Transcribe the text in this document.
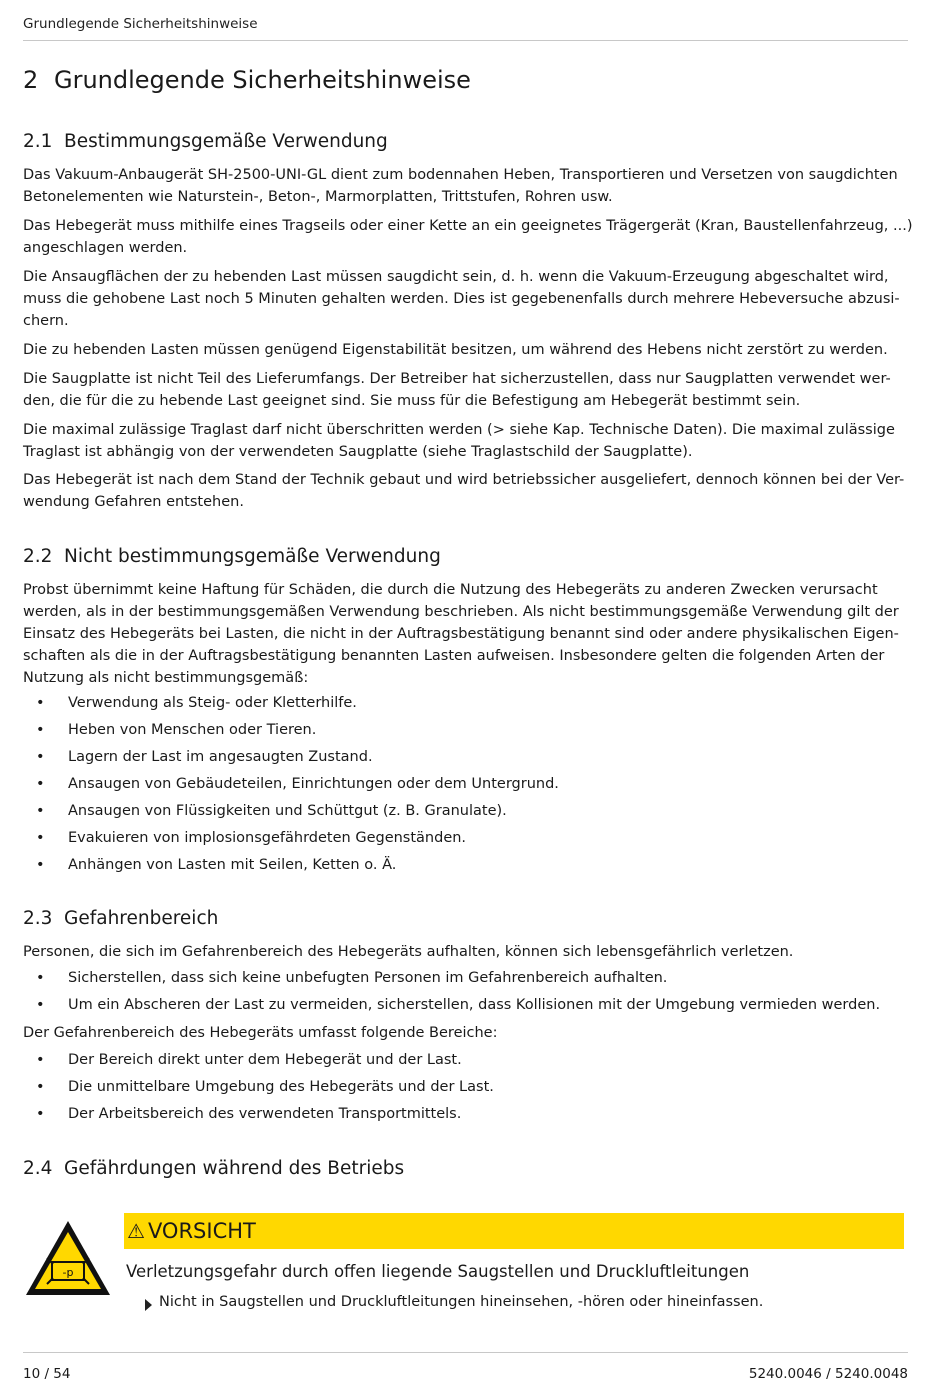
Grundlegende Sicherheitshinweise
2 Grundlegende Sicherheitshinweise
2.1 Bestimmungsgemäße Verwendung
Das Vakuum-Anbaugerät SH-2500-UNI-GL dient zum bodennahen Heben, Transportieren und Versetzen von saugdichten
Betonelementen wie Naturstein-, Beton-, Marmorplatten, Trittstufen, Rohren usw.
Das Hebegerät muss mithilfe eines Tragseils oder einer Kette an ein geeignetes Trägergerät (Kran, Baustellenfahrzeug, ...)
angeschlagen werden.
Die Ansaugflächen der zu hebenden Last müssen saugdicht sein, d. h. wenn die Vakuum-Erzeugung abgeschaltet wird,
muss die gehobene Last noch 5 Minuten gehalten werden. Dies ist gegebenenfalls durch mehrere Hebeversuche abzusi-
chern.
Die zu hebenden Lasten müssen genügend Eigenstabilität besitzen, um während des Hebens nicht zerstört zu werden.
Die Saugplatte ist nicht Teil des Lieferumfangs. Der Betreiber hat sicherzustellen, dass nur Saugplatten verwendet wer-
den, die für die zu hebende Last geeignet sind. Sie muss für die Befestigung am Hebegerät bestimmt sein.
Die maximal zulässige Traglast darf nicht überschritten werden (> siehe Kap. Technische Daten). Die maximal zulässige
Traglast ist abhängig von der verwendeten Saugplatte (siehe Traglastschild der Saugplatte).
Das Hebegerät ist nach dem Stand der Technik gebaut und wird betriebssicher ausgeliefert, dennoch können bei der Ver-
wendung Gefahren entstehen.
2.2 Nicht bestimmungsgemäße Verwendung
Probst übernimmt keine Haftung für Schäden, die durch die Nutzung des Hebegeräts zu anderen Zwecken verursacht
werden, als in der bestimmungsgemäßen Verwendung beschrieben. Als nicht bestimmungsgemäße Verwendung gilt der
Einsatz des Hebegeräts bei Lasten, die nicht in der Auftragsbestätigung benannt sind oder andere physikalischen Eigen-
schaften als die in der Auftragsbestätigung benannten Lasten aufweisen. Insbesondere gelten die folgenden Arten der
Nutzung als nicht bestimmungsgemäß:
• Verwendung als Steig- oder Kletterhilfe.
• Heben von Menschen oder Tieren.
• Lagern der Last im angesaugten Zustand.
• Ansaugen von Gebäudeteilen, Einrichtungen oder dem Untergrund.
• Ansaugen von Flüssigkeiten und Schüttgut (z. B. Granulate).
• Evakuieren von implosionsgefährdeten Gegenständen.
• Anhängen von Lasten mit Seilen, Ketten o. Ä.
2.3 Gefahrenbereich
Personen, die sich im Gefahrenbereich des Hebegeräts aufhalten, können sich lebensgefährlich verletzen.
• Sicherstellen, dass sich keine unbefugten Personen im Gefahrenbereich aufhalten.
• Um ein Abscheren der Last zu vermeiden, sicherstellen, dass Kollisionen mit der Umgebung vermieden werden.
Der Gefahrenbereich des Hebegeräts umfasst folgende Bereiche:
• Der Bereich direkt unter dem Hebegerät und der Last.
• Die unmittelbare Umgebung des Hebegeräts und der Last.
• Der Arbeitsbereich des verwendeten Transportmittels.
2.4 Gefährdungen während des Betriebs
-p
⚠ VORSICHT
Verletzungsgefahr durch offen liegende Saugstellen und Druckluftleitungen
Nicht in Saugstellen und Druckluftleitungen hineinsehen, -hören oder hineinfassen.
10 / 54	5240.0046 / 5240.0048
